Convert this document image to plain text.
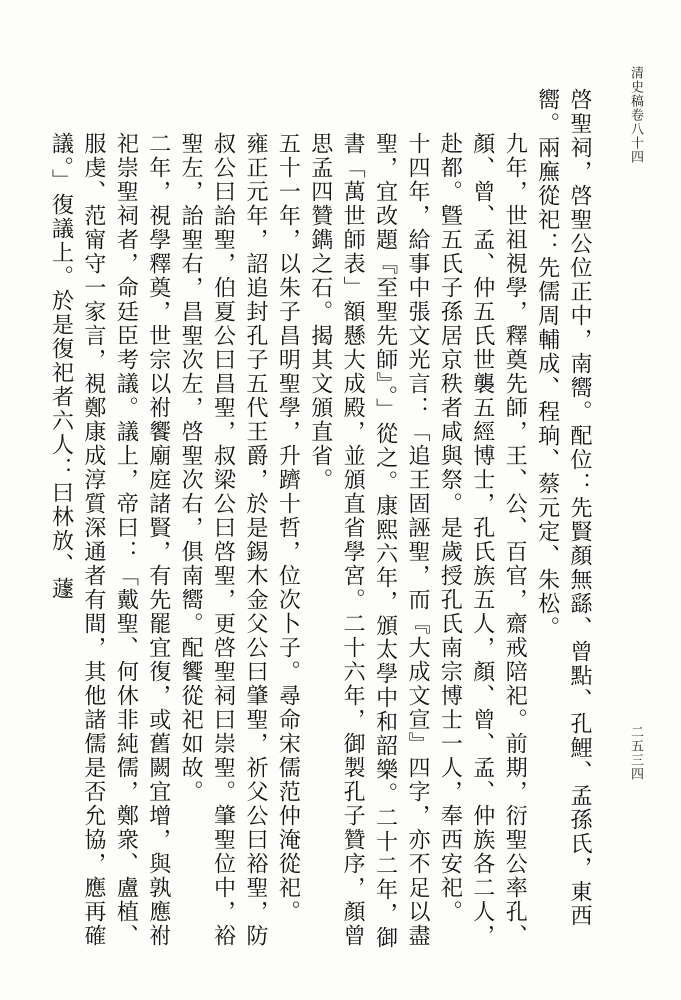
清史稿卷八十四
二五三四
啓聖祠，啓聖公位正中，南嚮。配位：先賢顏無繇、曾點、孔鯉、孟孫氏，東西嚮。兩廡從祀：先儒周輔成、程珦、蔡元定、朱松。
九年，世祖視學，釋奠先師，王、公、百官，齋戒陪祀。前期，衍聖公率孔、顏、曾、孟、仲五氏世襲五經博士，孔氏族五人，顏、曾、孟、仲族各二人，赴都。曁五氏子孫居京秩者咸與祭。是歲授孔氏南宗博士一人，奉西安祀。
十四年，給事中張文光言：「追王固誣聖，而『大成文宣』四字，亦不足以盡聖，宜改題『至聖先師』。」從之。康熙六年，頒太學中和韶樂。二十二年，御書「萬世師表」額懸大成殿，並頒直省學宮。二十六年，御製孔子贊序，顏曾思孟四贊鐫之石。揭其文頒直省。
五十一年，以朱子昌明聖學，升躋十哲，位次卜子。尋命宋儒范仲淹從祀。
雍正元年，詔追封孔子五代王爵，於是錫木金父公曰肇聖，祈父公曰裕聖，防叔公曰詒聖，伯夏公曰昌聖，叔梁公曰啓聖，更啓聖祠曰崇聖。肇聖位中，裕聖左，詒聖右，昌聖次左，啓聖次右，俱南嚮。配饗從祀如故。
二年，視學釋奠，世宗以祔饗廟庭諸賢，有先罷宜復，或舊闕宜增，與孰應祔祀崇聖祠者，命廷臣考議。議上，帝曰：「戴聖、何休非純儒，鄭衆、盧植、服虔、范甯守一家言，視鄭康成淳質深通者有間，其他諸儒是否允協，應再確議。」復議上。於是復祀者六人：曰林放、蘧
